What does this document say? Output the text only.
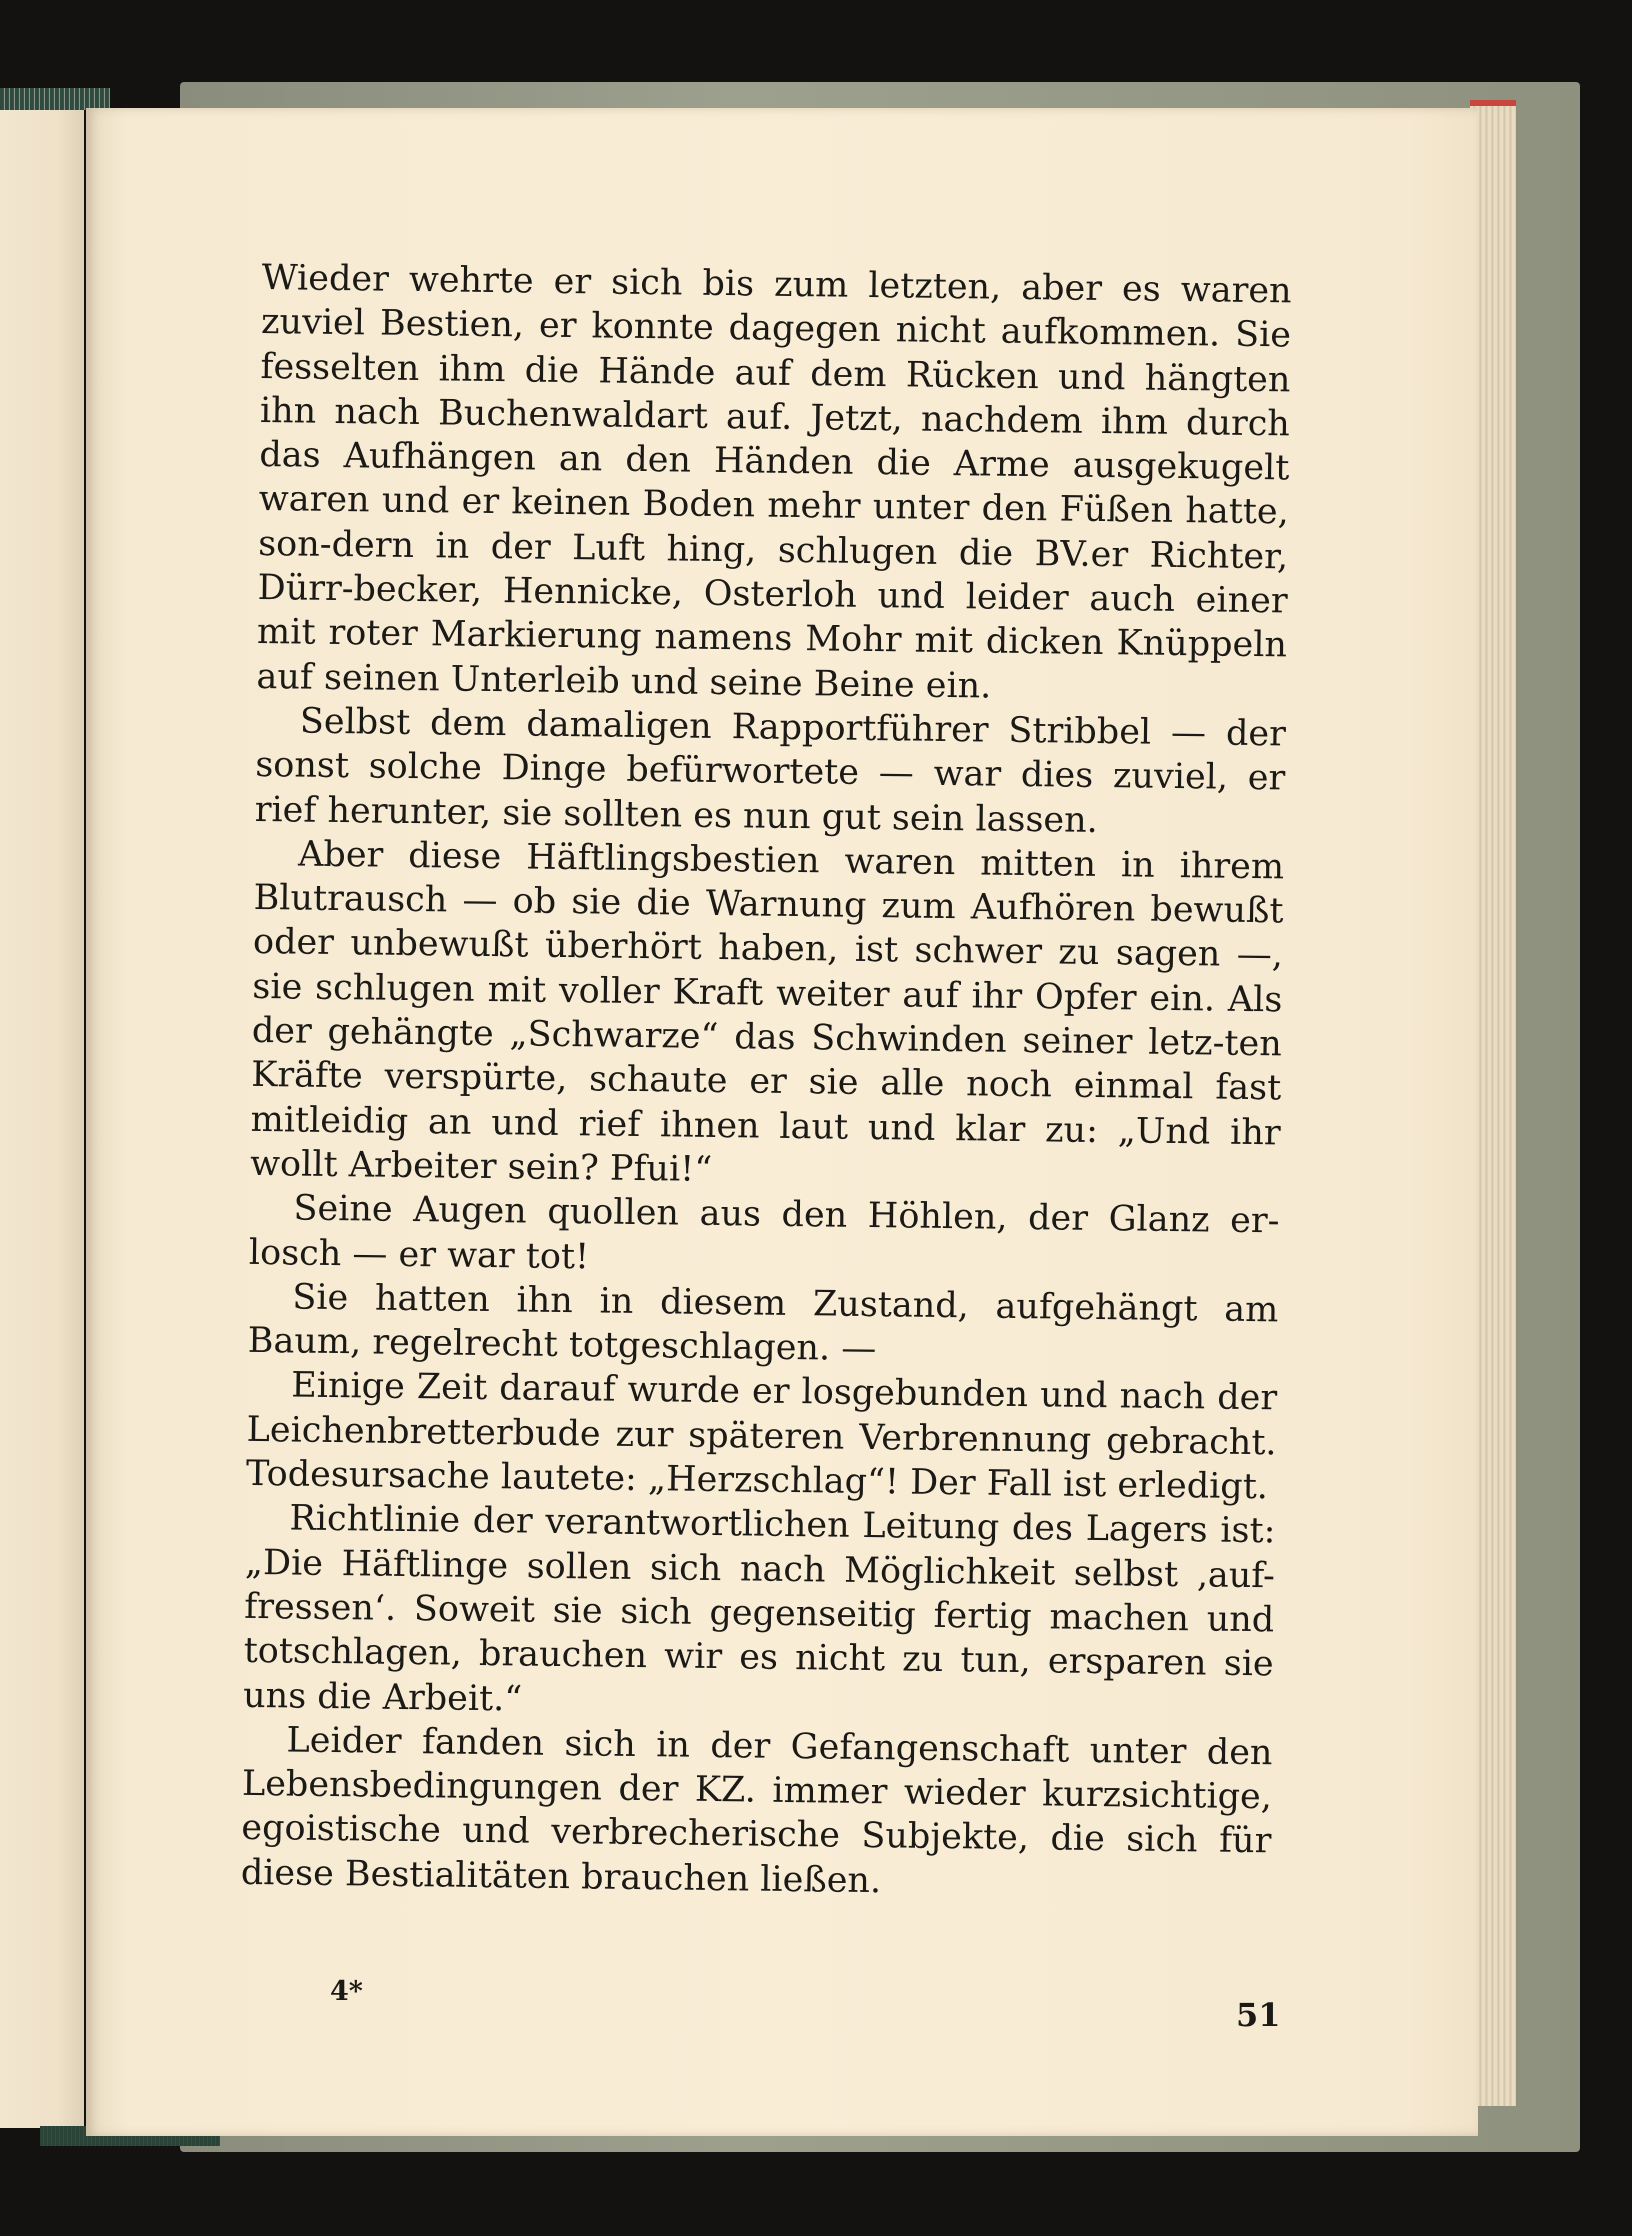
Wieder wehrte er sich bis zum letzten, aber es waren zuviel Bestien, er konnte dagegen nicht aufkommen. Sie fesselten ihm die Hände auf dem Rücken und hängten ihn nach Buchenwaldart auf. Jetzt, nachdem ihm durch das Aufhängen an den Händen die Arme ausgekugelt waren und er keinen Boden mehr unter den Füßen hatte, son-dern in der Luft hing, schlugen die BV.er Richter, Dürr-becker, Hennicke, Osterloh und leider auch einer mit roter Markierung namens Mohr mit dicken Knüppeln auf seinen Unterleib und seine Beine ein.

Selbst dem damaligen Rapportführer Stribbel — der sonst solche Dinge befürwortete — war dies zuviel, er rief herunter, sie sollten es nun gut sein lassen.

Aber diese Häftlingsbestien waren mitten in ihrem Blutrausch — ob sie die Warnung zum Aufhören bewußt oder unbewußt überhört haben, ist schwer zu sagen —, sie schlugen mit voller Kraft weiter auf ihr Opfer ein. Als der gehängte „Schwarze“ das Schwinden seiner letz-ten Kräfte verspürte, schaute er sie alle noch einmal fast mitleidig an und rief ihnen laut und klar zu: „Und ihr wollt Arbeiter sein? Pfui!“

Seine Augen quollen aus den Höhlen, der Glanz er-losch — er war tot!

Sie hatten ihn in diesem Zustand, aufgehängt am Baum, regelrecht totgeschlagen. —

Einige Zeit darauf wurde er losgebunden und nach der Leichenbretterbude zur späteren Verbrennung gebracht. Todesursache lautete: „Herzschlag“! Der Fall ist erledigt.

Richtlinie der verantwortlichen Leitung des Lagers ist: „Die Häftlinge sollen sich nach Möglichkeit selbst ‚auf-fressen‘. Soweit sie sich gegenseitig fertig machen und totschlagen, brauchen wir es nicht zu tun, ersparen sie uns die Arbeit.“

Leider fanden sich in der Gefangenschaft unter den Lebensbedingungen der KZ. immer wieder kurzsichtige, egoistische und verbrecherische Subjekte, die sich für diese Bestialitäten brauchen ließen.

4*
51
